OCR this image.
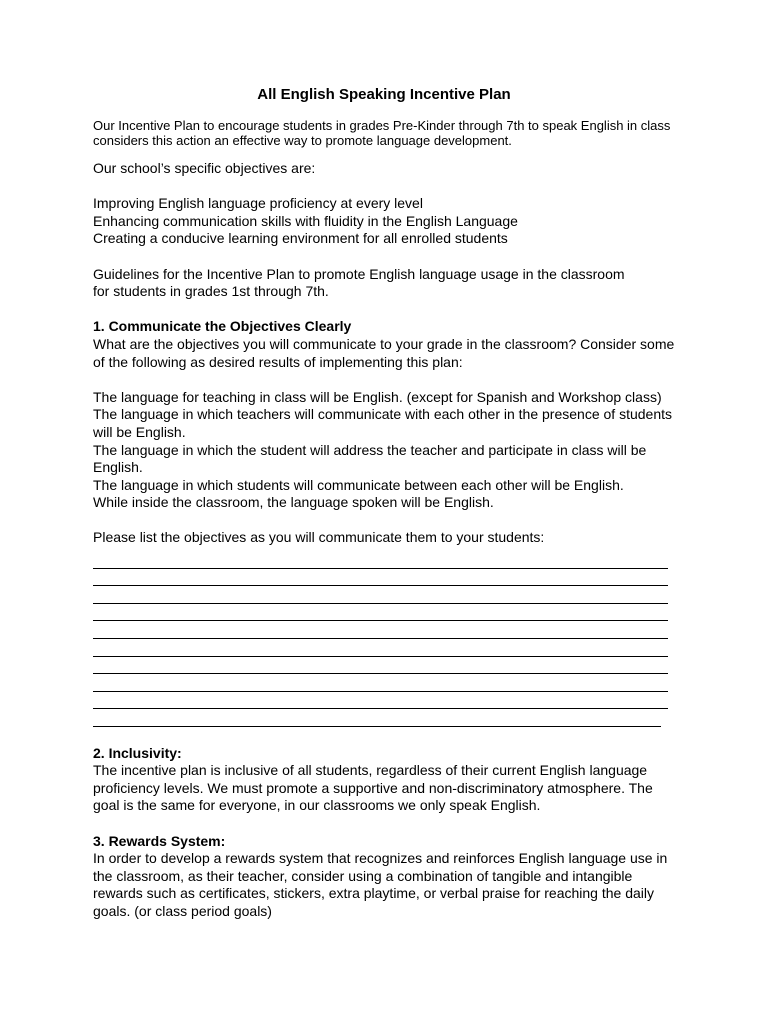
All English Speaking Incentive Plan

Our Incentive Plan to encourage students in grades Pre-Kinder through 7th to speak English in class considers this action an effective way to promote language development.

Our school’s specific objectives are:

Improving English language proficiency at every level

Enhancing communication skills with fluidity in the English Language

Creating a conducive learning environment for all enrolled students

Guidelines for the Incentive Plan to promote English language usage in the classroom
for students in grades 1st through 7th.

1. Communicate the Objectives Clearly

What are the objectives you will communicate to your grade in the classroom? Consider some of the following as desired results of implementing this plan:

The language for teaching in class will be English. (except for Spanish and Workshop class)

The language in which teachers will communicate with each other in the presence of students will be English.

The language in which the student will address the teacher and participate in class will be English.

The language in which students will communicate between each other will be English.

While inside the classroom, the language spoken will be English.

Please list the objectives as you will communicate them to your students:

2. Inclusivity:

The incentive plan is inclusive of all students, regardless of their current English language proficiency levels. We must promote a supportive and non-discriminatory atmosphere. The goal is the same for everyone, in our classrooms we only speak English.

3. Rewards System:

In order to develop a rewards system that recognizes and reinforces English language use in the classroom, as their teacher, consider using a combination of tangible and intangible rewards such as certificates, stickers, extra playtime, or verbal praise for reaching the daily goals. (or class period goals)
